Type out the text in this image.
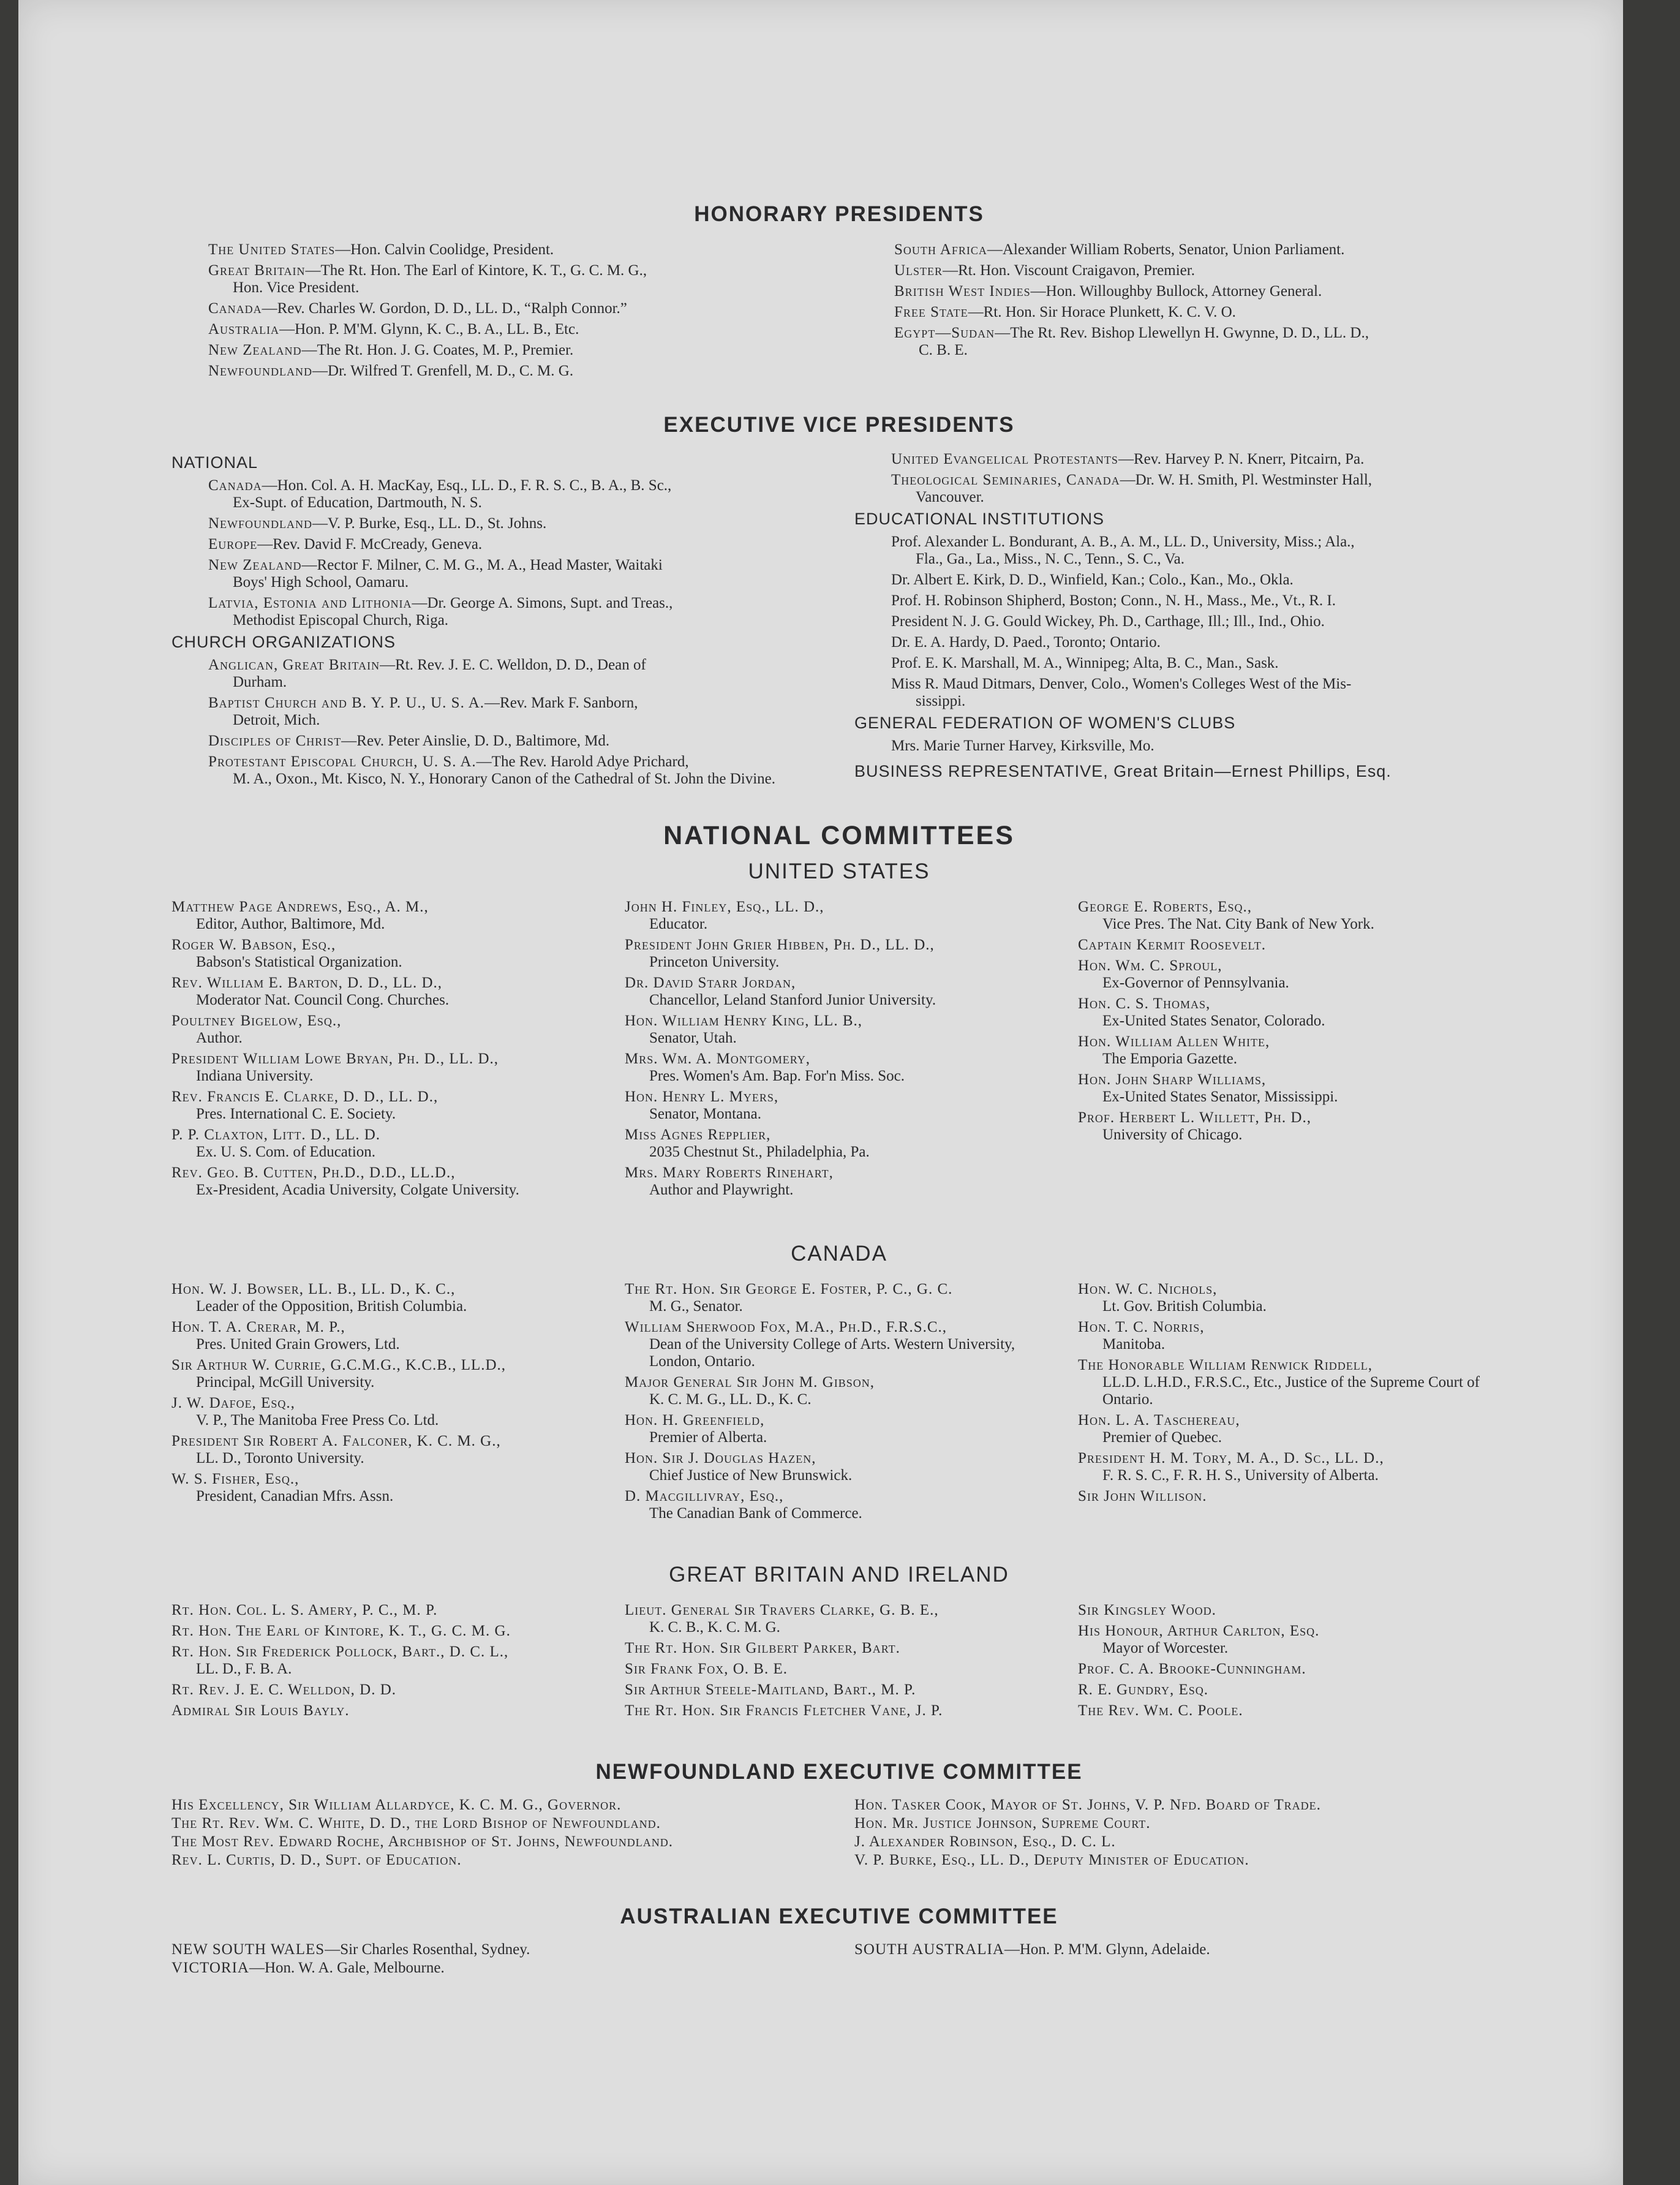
HONORARY PRESIDENTS
The United States—Hon. Calvin Coolidge, President.
Great Britain—The Rt. Hon. The Earl of Kintore, K. T., G. C. M. G.,
Hon. Vice President.
Canada—Rev. Charles W. Gordon, D. D., LL. D., “Ralph Connor.”
Australia—Hon. P. M'M. Glynn, K. C., B. A., LL. B., Etc.
New Zealand—The Rt. Hon. J. G. Coates, M. P., Premier.
Newfoundland—Dr. Wilfred T. Grenfell, M. D., C. M. G.
South Africa—Alexander William Roberts, Senator, Union Parliament.
Ulster—Rt. Hon. Viscount Craigavon, Premier.
British West Indies—Hon. Willoughby Bullock, Attorney General.
Free State—Rt. Hon. Sir Horace Plunkett, K. C. V. O.
Egypt—Sudan—The Rt. Rev. Bishop Llewellyn H. Gwynne, D. D., LL. D.,
C. B. E.
EXECUTIVE VICE PRESIDENTS
NATIONAL
Canada—Hon. Col. A. H. MacKay, Esq., LL. D., F. R. S. C., B. A., B. Sc.,
Ex-Supt. of Education, Dartmouth, N. S.
Newfoundland—V. P. Burke, Esq., LL. D., St. Johns.
Europe—Rev. David F. McCready, Geneva.
New Zealand—Rector F. Milner, C. M. G., M. A., Head Master, Waitaki
Boys' High School, Oamaru.
Latvia, Estonia and Lithonia—Dr. George A. Simons, Supt. and Treas.,
Methodist Episcopal Church, Riga.
CHURCH ORGANIZATIONS
Anglican, Great Britain—Rt. Rev. J. E. C. Welldon, D. D., Dean of
Durham.
Baptist Church and B. Y. P. U., U. S. A.—Rev. Mark F. Sanborn,
Detroit, Mich.
Disciples of Christ—Rev. Peter Ainslie, D. D., Baltimore, Md.
Protestant Episcopal Church, U. S. A.—The Rev. Harold Adye Prichard,
M. A., Oxon., Mt. Kisco, N. Y., Honorary Canon of the Cathedral of St. John the Divine.
United Evangelical Protestants—Rev. Harvey P. N. Knerr, Pitcairn, Pa.
Theological Seminaries, Canada—Dr. W. H. Smith, Pl. Westminster Hall,
Vancouver.
EDUCATIONAL INSTITUTIONS
Prof. Alexander L. Bondurant, A. B., A. M., LL. D., University, Miss.; Ala.,
Fla., Ga., La., Miss., N. C., Tenn., S. C., Va.
Dr. Albert E. Kirk, D. D., Winfield, Kan.; Colo., Kan., Mo., Okla.
Prof. H. Robinson Shipherd, Boston; Conn., N. H., Mass., Me., Vt., R. I.
President N. J. G. Gould Wickey, Ph. D., Carthage, Ill.; Ill., Ind., Ohio.
Dr. E. A. Hardy, D. Paed., Toronto; Ontario.
Prof. E. K. Marshall, M. A., Winnipeg; Alta, B. C., Man., Sask.
Miss R. Maud Ditmars, Denver, Colo., Women's Colleges West of the Mis-
sissippi.
GENERAL FEDERATION OF WOMEN'S CLUBS
Mrs. Marie Turner Harvey, Kirksville, Mo.
BUSINESS REPRESENTATIVE, Great Britain—Ernest Phillips, Esq.
NATIONAL COMMITTEES
UNITED STATES
Matthew Page Andrews, Esq., A. M.,
Editor, Author, Baltimore, Md.
Roger W. Babson, Esq.,
Babson's Statistical Organization.
Rev. William E. Barton, D. D., LL. D.,
Moderator Nat. Council Cong. Churches.
Poultney Bigelow, Esq.,
Author.
President William Lowe Bryan, Ph. D., LL. D.,
Indiana University.
Rev. Francis E. Clarke, D. D., LL. D.,
Pres. International C. E. Society.
P. P. Claxton, Litt. D., LL. D.
Ex. U. S. Com. of Education.
Rev. Geo. B. Cutten, Ph.D., D.D., LL.D.,
Ex-President, Acadia University, Colgate University.
John H. Finley, Esq., LL. D.,
Educator.
President John Grier Hibben, Ph. D., LL. D.,
Princeton University.
Dr. David Starr Jordan,
Chancellor, Leland Stanford Junior University.
Hon. William Henry King, LL. B.,
Senator, Utah.
Mrs. Wm. A. Montgomery,
Pres. Women's Am. Bap. For'n Miss. Soc.
Hon. Henry L. Myers,
Senator, Montana.
Miss Agnes Repplier,
2035 Chestnut St., Philadelphia, Pa.
Mrs. Mary Roberts Rinehart,
Author and Playwright.
George E. Roberts, Esq.,
Vice Pres. The Nat. City Bank of New York.
Captain Kermit Roosevelt.
Hon. Wm. C. Sproul,
Ex-Governor of Pennsylvania.
Hon. C. S. Thomas,
Ex-United States Senator, Colorado.
Hon. William Allen White,
The Emporia Gazette.
Hon. John Sharp Williams,
Ex-United States Senator, Mississippi.
Prof. Herbert L. Willett, Ph. D.,
University of Chicago.
CANADA
Hon. W. J. Bowser, LL. B., LL. D., K. C.,
Leader of the Opposition, British Columbia.
Hon. T. A. Crerar, M. P.,
Pres. United Grain Growers, Ltd.
Sir Arthur W. Currie, G.C.M.G., K.C.B., LL.D.,
Principal, McGill University.
J. W. Dafoe, Esq.,
V. P., The Manitoba Free Press Co. Ltd.
President Sir Robert A. Falconer, K. C. M. G.,
LL. D., Toronto University.
W. S. Fisher, Esq.,
President, Canadian Mfrs. Assn.
The Rt. Hon. Sir George E. Foster, P. C., G. C.
M. G., Senator.
William Sherwood Fox, M.A., Ph.D., F.R.S.C.,
Dean of the University College of Arts. Western University, London, Ontario.
Major General Sir John M. Gibson,
K. C. M. G., LL. D., K. C.
Hon. H. Greenfield,
Premier of Alberta.
Hon. Sir J. Douglas Hazen,
Chief Justice of New Brunswick.
D. Macgillivray, Esq.,
The Canadian Bank of Commerce.
Hon. W. C. Nichols,
Lt. Gov. British Columbia.
Hon. T. C. Norris,
Manitoba.
The Honorable William Renwick Riddell,
LL.D. L.H.D., F.R.S.C., Etc., Justice of the Supreme Court of Ontario.
Hon. L. A. Taschereau,
Premier of Quebec.
President H. M. Tory, M. A., D. Sc., LL. D.,
F. R. S. C., F. R. H. S., University of Alberta.
Sir John Willison.
GREAT BRITAIN AND IRELAND
Rt. Hon. Col. L. S. Amery, P. C., M. P.
Rt. Hon. The Earl of Kintore, K. T., G. C. M. G.
Rt. Hon. Sir Frederick Pollock, Bart., D. C. L.,
LL. D., F. B. A.
Rt. Rev. J. E. C. Welldon, D. D.
Admiral Sir Louis Bayly.
Lieut. General Sir Travers Clarke, G. B. E.,
K. C. B., K. C. M. G.
The Rt. Hon. Sir Gilbert Parker, Bart.
Sir Frank Fox, O. B. E.
Sir Arthur Steele-Maitland, Bart., M. P.
The Rt. Hon. Sir Francis Fletcher Vane, J. P.
Sir Kingsley Wood.
His Honour, Arthur Carlton, Esq.
Mayor of Worcester.
Prof. C. A. Brooke-Cunningham.
R. E. Gundry, Esq.
The Rev. Wm. C. Poole.
NEWFOUNDLAND EXECUTIVE COMMITTEE
His Excellency, Sir William Allardyce, K. C. M. G., Governor.
The Rt. Rev. Wm. C. White, D. D., the Lord Bishop of Newfoundland.
The Most Rev. Edward Roche, Archbishop of St. Johns, Newfoundland.
Rev. L. Curtis, D. D., Supt. of Education.
Hon. Tasker Cook, Mayor of St. Johns, V. P. Nfd. Board of Trade.
Hon. Mr. Justice Johnson, Supreme Court.
J. Alexander Robinson, Esq., D. C. L.
V. P. Burke, Esq., LL. D., Deputy Minister of Education.
AUSTRALIAN EXECUTIVE COMMITTEE
NEW SOUTH WALES—Sir Charles Rosenthal, Sydney.
VICTORIA—Hon. W. A. Gale, Melbourne.
SOUTH AUSTRALIA—Hon. P. M'M. Glynn, Adelaide.
